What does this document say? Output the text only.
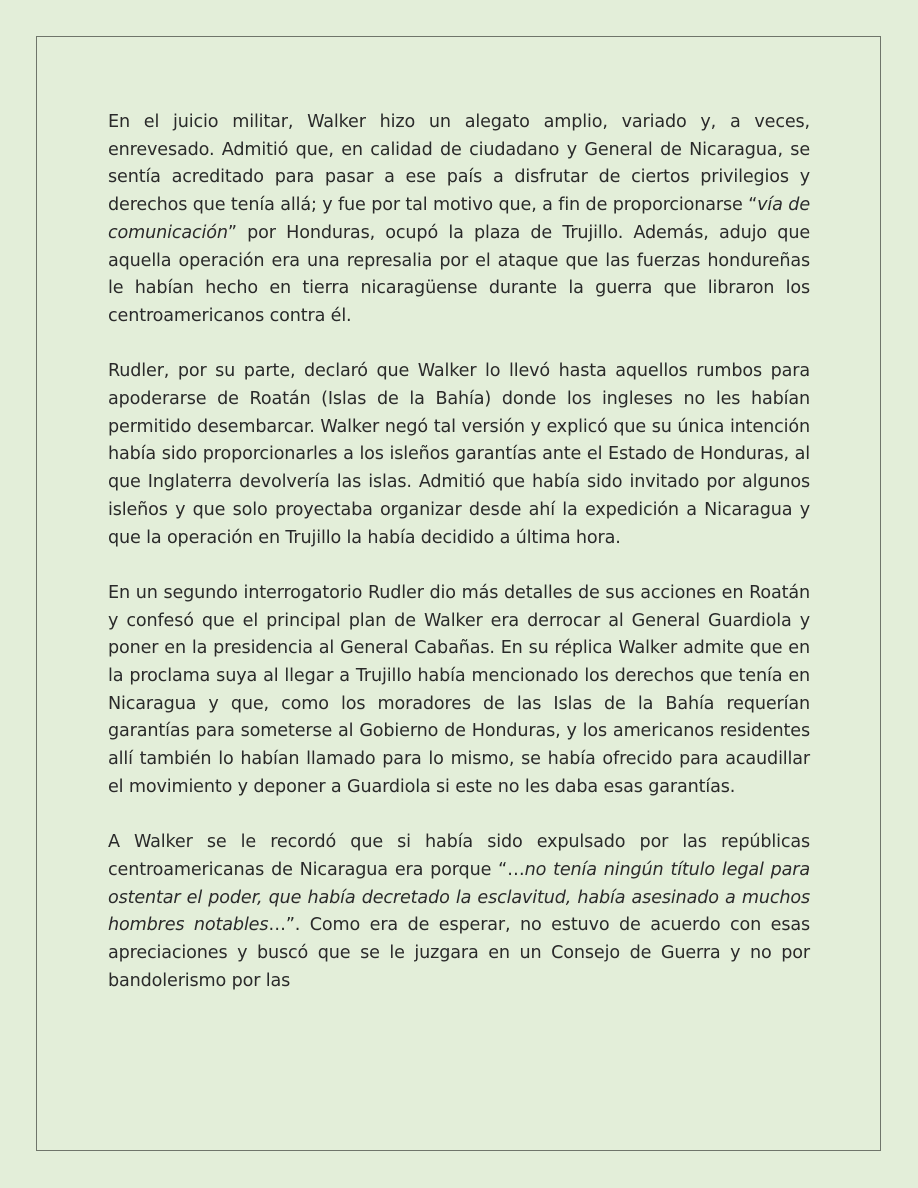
En el juicio militar, Walker hizo un alegato amplio, variado y, a veces, enrevesado. Admitió que, en calidad de ciudadano y General de Nicaragua, se sentía acreditado para pasar a ese país a disfrutar de ciertos privilegios y derechos que tenía allá; y fue por tal motivo que, a fin de proporcionarse “vía de comunicación” por Honduras, ocupó la plaza de Trujillo. Además, adujo que aquella operación era una represalia por el ataque que las fuerzas hondureñas le habían hecho en tierra nicaragüense durante la guerra que libraron los centroamericanos contra él.

Rudler, por su parte, declaró que Walker lo llevó hasta aquellos rumbos para apoderarse de Roatán (Islas de la Bahía) donde los ingleses no les habían permitido desembarcar. Walker negó tal versión y explicó que su única intención había sido proporcionarles a los isleños garantías ante el Estado de Honduras, al que Inglaterra devolvería las islas. Admitió que había sido invitado por algunos isleños y que solo proyectaba organizar desde ahí la expedición a Nicaragua y que la operación en Trujillo la había decidido a última hora.

En un segundo interrogatorio Rudler dio más detalles de sus acciones en Roatán y confesó que el principal plan de Walker era derrocar al General Guardiola y poner en la presidencia al General Cabañas. En su réplica Walker admite que en la proclama suya al llegar a Trujillo había mencionado los derechos que tenía en Nicaragua y que, como los moradores de las Islas de la Bahía requerían garantías para someterse al Gobierno de Honduras, y los americanos residentes allí también lo habían llamado para lo mismo, se había ofrecido para acaudillar el movimiento y deponer a Guardiola si este no les daba esas garantías.

A Walker se le recordó que si había sido expulsado por las repúblicas centroamericanas de Nicaragua era porque “…no tenía ningún título legal para ostentar el poder, que había decretado la esclavitud, había asesinado a muchos hombres notables…”. Como era de esperar, no estuvo de acuerdo con esas apreciaciones y buscó que se le juzgara en un Consejo de Guerra y no por bandolerismo por las
